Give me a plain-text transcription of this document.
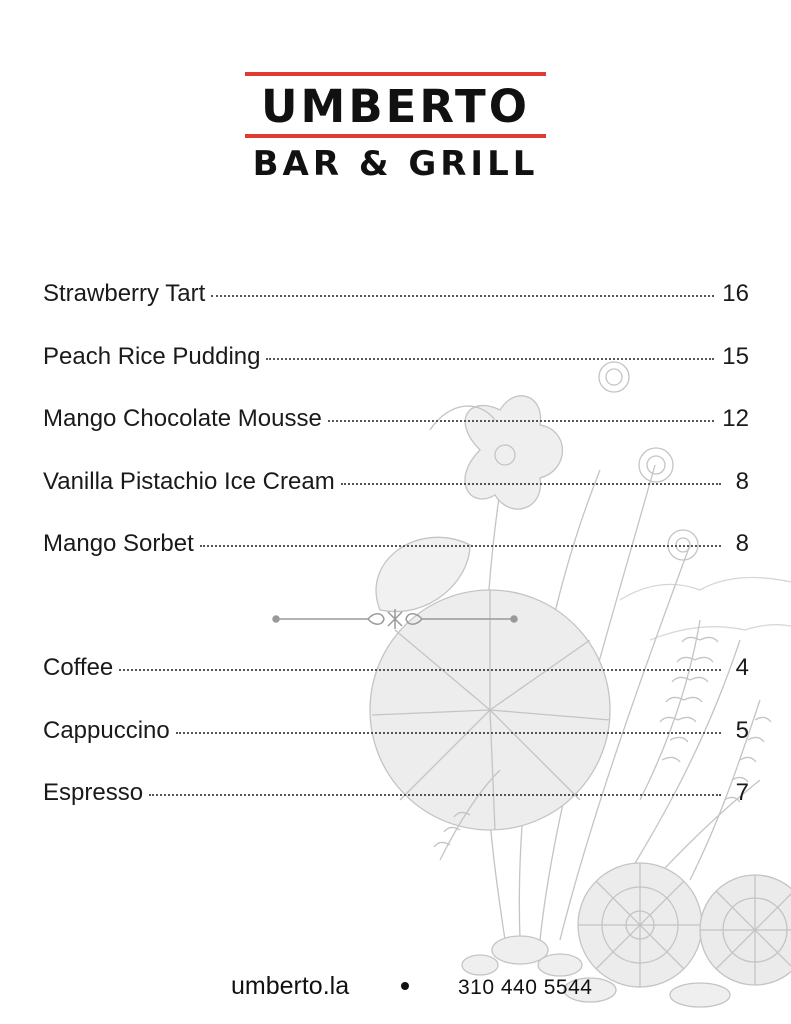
UMBERTO
BAR & GRILL
Strawberry Tart	16
Peach Rice Pudding	15
Mango Chocolate Mousse	12
Vanilla Pistachio Ice Cream	8
Mango Sorbet	8
Coffee	4
Cappuccino	5
Espresso	7
umberto.la	310 440 5544
